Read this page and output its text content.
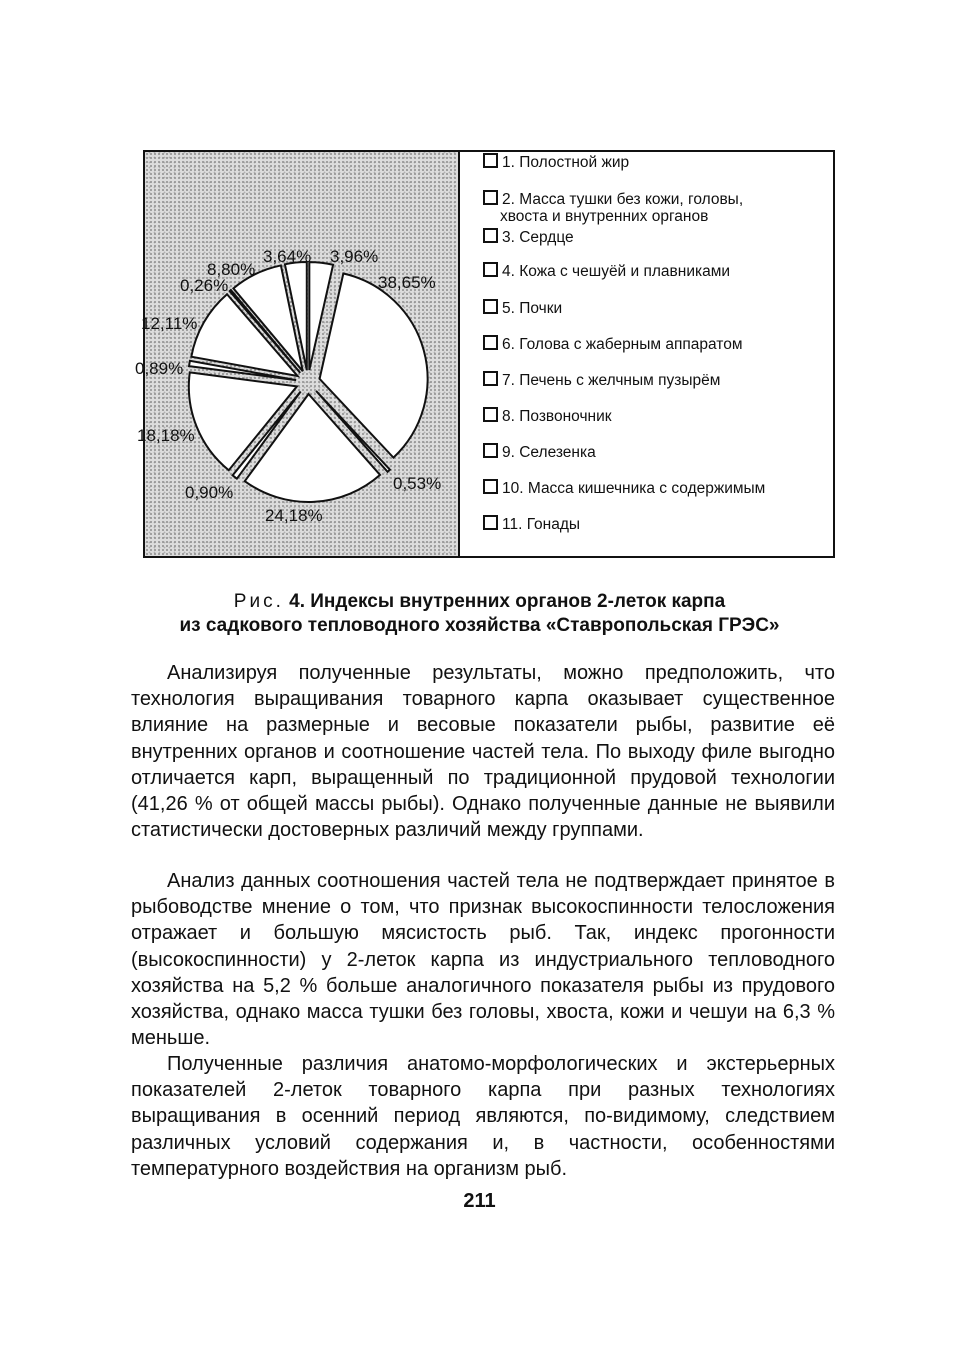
38,65%
24,18%
18,18%
12,11%
8,80%
3,96%
3,64%
0,90%
0,89%
0,53%
0,26%
1. Полостной жир
2. Масса тушки без кожи, головы,
хвоста и внутренних органов
3. Сердце
4. Кожа с чешуёй и плавниками
5. Почки
6. Голова с жаберным аппаратом
7. Печень с желчным пузырём
8. Позвоночник
9. Селезенка
10. Масса кишечника с содержимым
11. Гонады
Рис. 4. Индексы внутренних органов 2-леток карпа
из садкового тепловодного хозяйства «Ставропольская ГРЭС»

Анализируя полученные результаты, можно предположить, что технология выращивания товарного карпа оказывает существенное влияние на размерные и весовые показатели рыбы, развитие её внутренних органов и соотношение частей тела. По выходу филе выгодно отличается карп, выращенный по традиционной прудовой технологии (41,26 % от общей массы рыбы). Однако полученные данные не выявили статистически достоверных различий между группами.

Анализ данных соотношения частей тела не подтверждает принятое в рыбоводстве мнение о том, что признак высокоспинности телосложения отражает и большую мясистость рыб. Так, индекс прогонности (высокоспинности) у 2-леток карпа из индустриального тепловодного хозяйства на 5,2 % больше аналогичного показателя рыбы из прудового хозяйства, однако масса тушки без головы, хвоста, кожи и чешуи на 6,3 % меньше.

Полученные различия анатомо-морфологических и экстерьерных показателей 2-леток товарного карпа при разных технологиях выращивания в осенний период являются, по-видимому, следствием различных условий содержания и, в частности, особенностями температурного воздействия на организм рыб.

211
